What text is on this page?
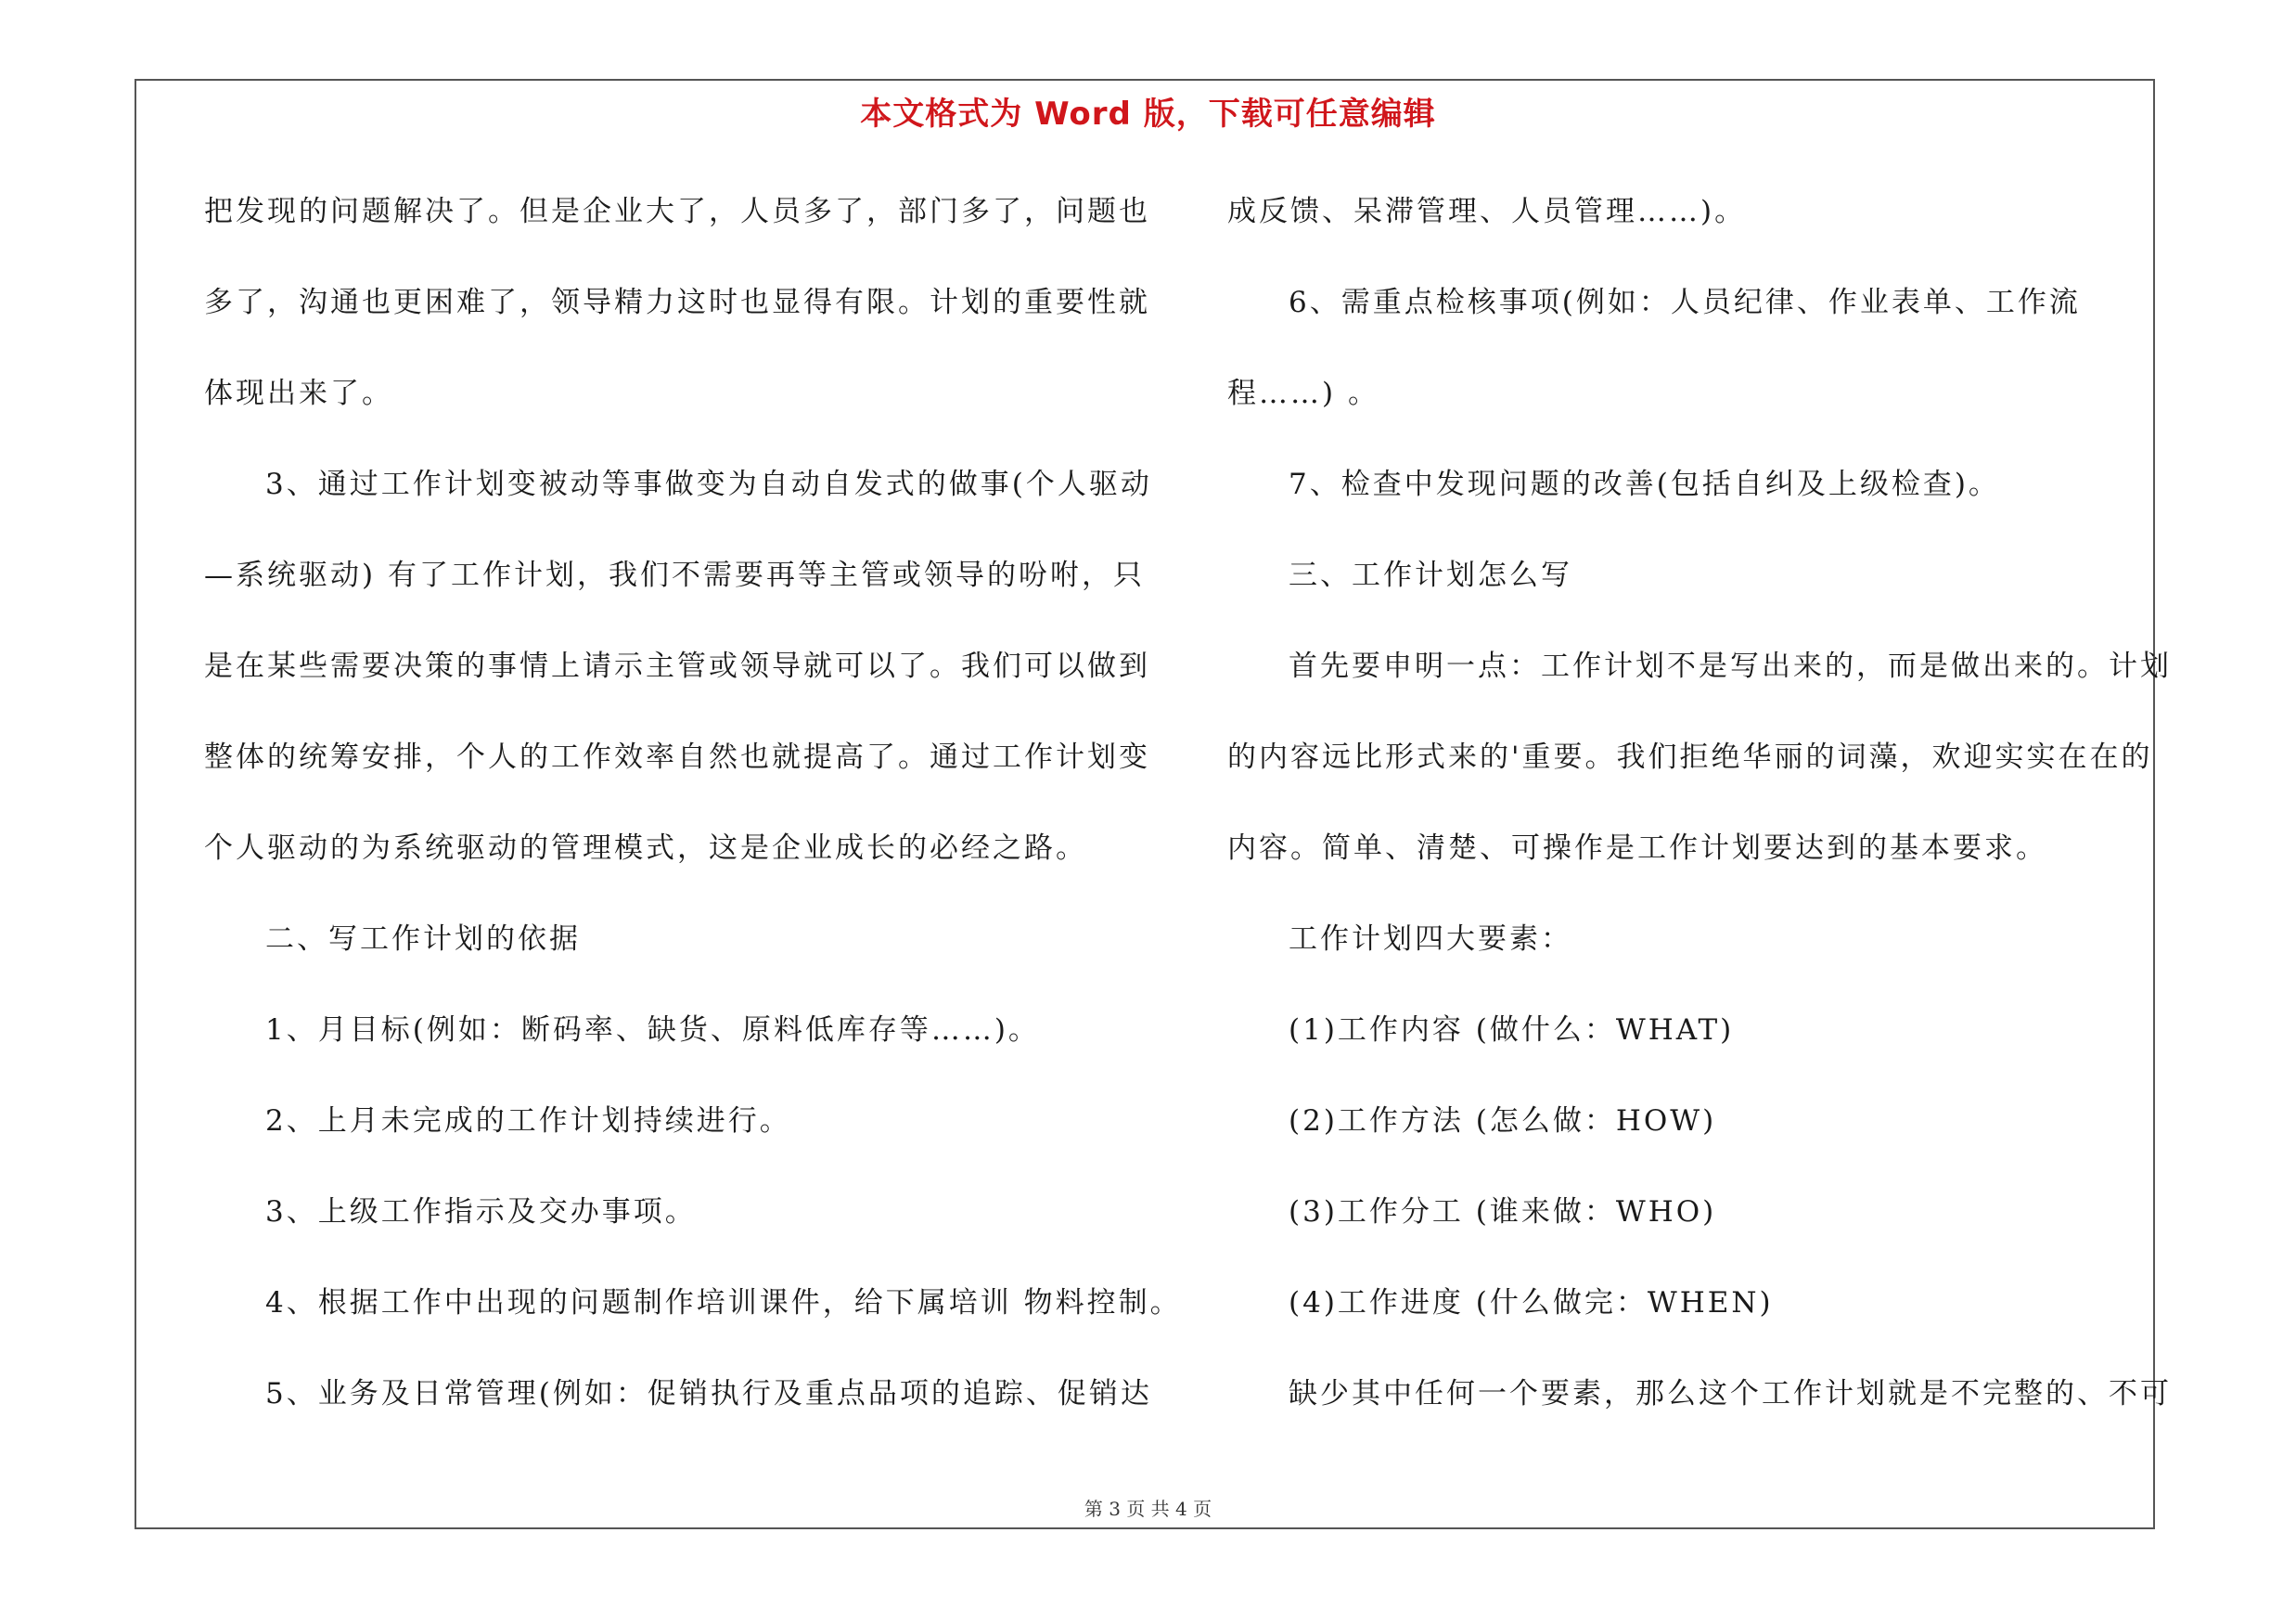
本文格式为 Word 版，下载可任意编辑
把发现的问题解决了。但是企业大了，人员多了，部门多了，问题也
多了，沟通也更困难了，领导精力这时也显得有限。计划的重要性就
体现出来了。
3、通过工作计划变被动等事做变为自动自发式的做事(个人驱动
—系统驱动) 有了工作计划，我们不需要再等主管或领导的吩咐，只
是在某些需要决策的事情上请示主管或领导就可以了。我们可以做到
整体的统筹安排，个人的工作效率自然也就提高了。通过工作计划变
个人驱动的为系统驱动的管理模式，这是企业成长的必经之路。
二、写工作计划的依据
1、月目标(例如：断码率、缺货、原料低库存等……)。
2、上月未完成的工作计划持续进行。
3、上级工作指示及交办事项。
4、根据工作中出现的问题制作培训课件，给下属培训 物料控制。
5、业务及日常管理(例如：促销执行及重点品项的追踪、促销达
成反馈、呆滞管理、人员管理……)。
6、需重点检核事项(例如：人员纪律、作业表单、工作流
程……) 。
7、检查中发现问题的改善(包括自纠及上级检查)。
三、工作计划怎么写
首先要申明一点：工作计划不是写出来的，而是做出来的。计划
的内容远比形式来的'重要。我们拒绝华丽的词藻，欢迎实实在在的
内容。简单、清楚、可操作是工作计划要达到的基本要求。
工作计划四大要素：
(1)工作内容 (做什么：WHAT)
(2)工作方法 (怎么做：HOW)
(3)工作分工 (谁来做：WHO)
(4)工作进度 (什么做完：WHEN)
缺少其中任何一个要素，那么这个工作计划就是不完整的、不可
第 3 页 共 4 页
